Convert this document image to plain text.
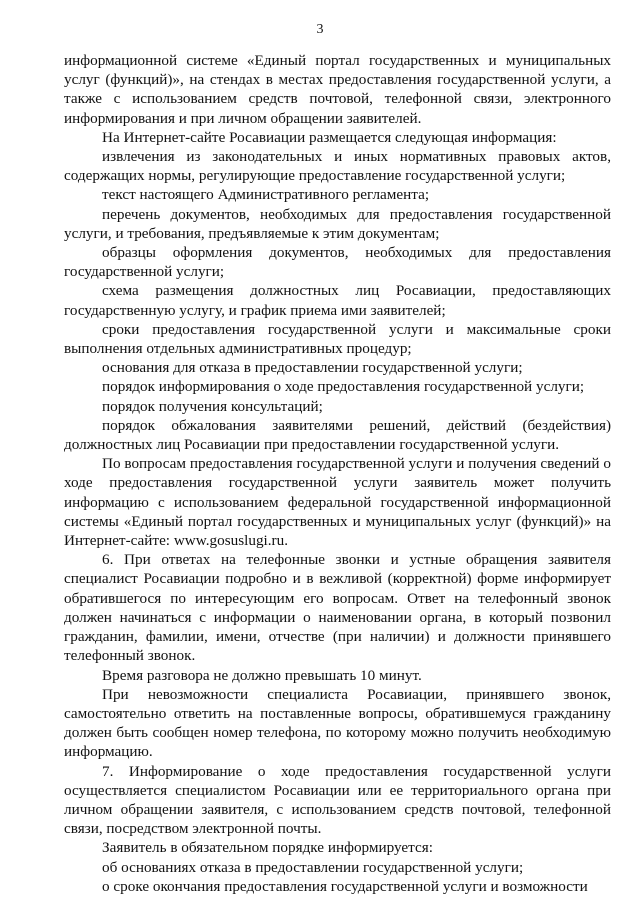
3

информационной системе «Единый портал государственных и муниципальных услуг (функций)», на стендах в местах предоставления государственной услуги, а также с использованием средств почтовой, телефонной связи, электронного информирования и при личном обращении заявителей.

На Интернет-сайте Росавиации размещается следующая информация:

извлечения из законодательных и иных нормативных правовых актов, содержащих нормы, регулирующие предоставление государственной услуги;

текст настоящего Административного регламента;

перечень документов, необходимых для предоставления государственной услуги, и требования, предъявляемые к этим документам;

образцы оформления документов, необходимых для предоставления государственной услуги;

схема размещения должностных лиц Росавиации, предоставляющих государственную услугу, и график приема ими заявителей;

сроки предоставления государственной услуги и максимальные сроки выполнения отдельных административных процедур;

основания для отказа в предоставлении государственной услуги;

порядок информирования о ходе предоставления государственной услуги;

порядок получения консультаций;

порядок обжалования заявителями решений, действий (бездействия) должностных лиц Росавиации при предоставлении государственной услуги.

По вопросам предоставления государственной услуги и получения сведений о ходе предоставления государственной услуги заявитель может получить информацию с использованием федеральной государственной информационной системы «Единый портал государственных и муниципальных услуг (функций)» на Интернет-сайте: www.gosuslugi.ru.

6. При ответах на телефонные звонки и устные обращения заявителя специалист Росавиации подробно и в вежливой (корректной) форме информирует обратившегося по интересующим его вопросам. Ответ на телефонный звонок должен начинаться с информации о наименовании органа, в который позвонил гражданин, фамилии, имени, отчестве (при наличии) и должности принявшего телефонный звонок.

Время разговора не должно превышать 10 минут.

При невозможности специалиста Росавиации, принявшего звонок, самостоятельно ответить на поставленные вопросы, обратившемуся гражданину должен быть сообщен номер телефона, по которому можно получить необходимую информацию.

7. Информирование о ходе предоставления государственной услуги осуществляется специалистом Росавиации или ее территориального органа при личном обращении заявителя, с использованием средств почтовой, телефонной связи, посредством электронной почты.

Заявитель в обязательном порядке информируется:

об основаниях отказа в предоставлении государственной услуги;

о сроке окончания предоставления государственной услуги и возможности
